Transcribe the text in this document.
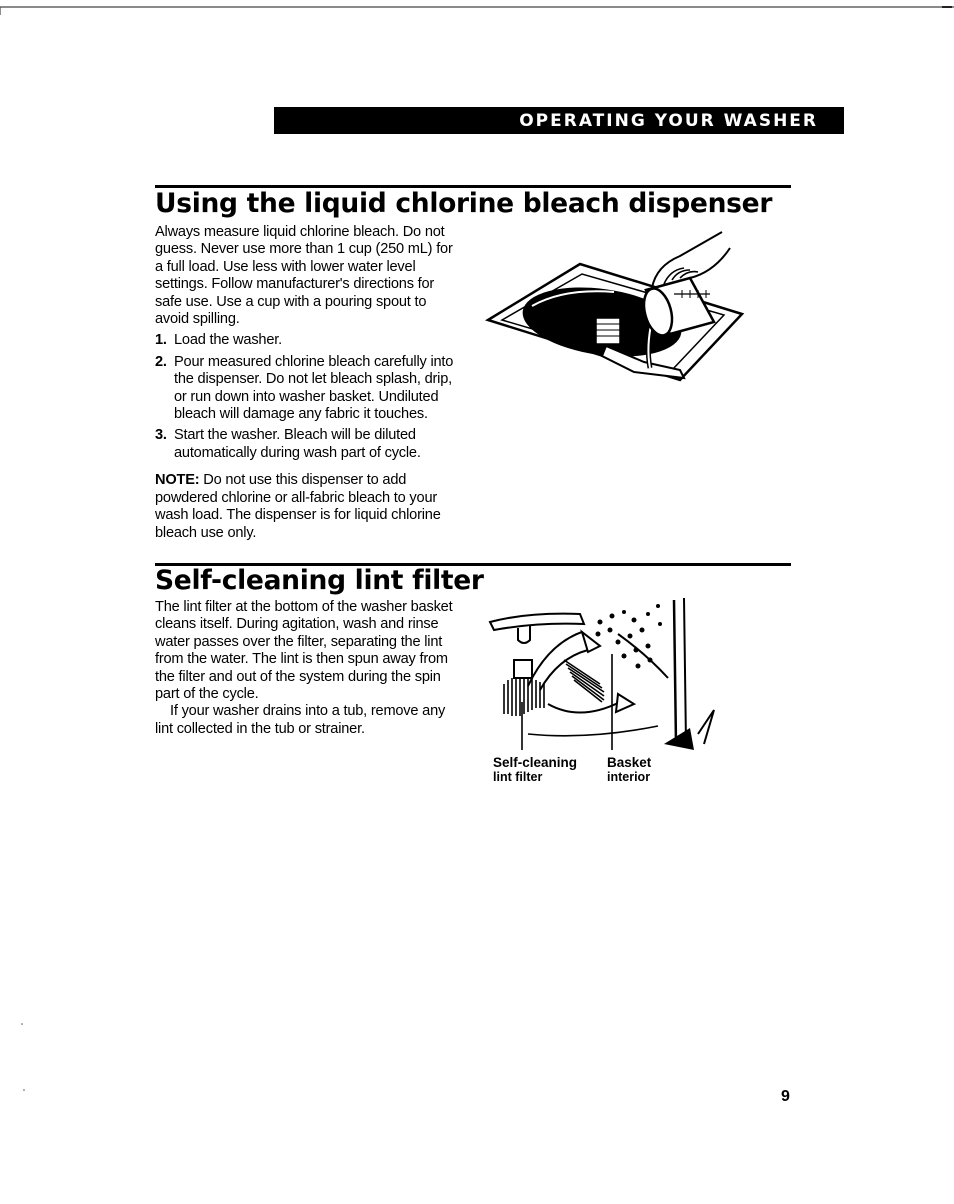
OPERATING YOUR WASHER
Using the liquid chlorine bleach dispenser

Always measure liquid chlorine bleach. Do not guess. Never use more than 1 cup (250 mL) for a full load. Use less with lower water level settings. Follow manufacturer's directions for safe use. Use a cup with a pouring spout to avoid spilling.

1. Load the washer.
2. Pour measured chlorine bleach carefully into the dispenser. Do not let bleach splash, drip, or run down into washer basket. Undiluted bleach will damage any fabric it touches.
3. Start the washer. Bleach will be diluted automatically during wash part of cycle.

NOTE: Do not use this dispenser to add powdered chlorine or all-fabric bleach to your wash load. The dispenser is for liquid chlorine bleach use only.

Self-cleaning lint filter

The lint filter at the bottom of the washer basket cleans itself. During agitation, wash and rinse water passes over the filter, separating the lint from the water. The lint is then spun away from the filter and out of the system during the spin part of the cycle.

If your washer drains into a tub, remove any lint collected in the tub or strainer.

Self-cleaning
lint filter
Basket
interior
9
